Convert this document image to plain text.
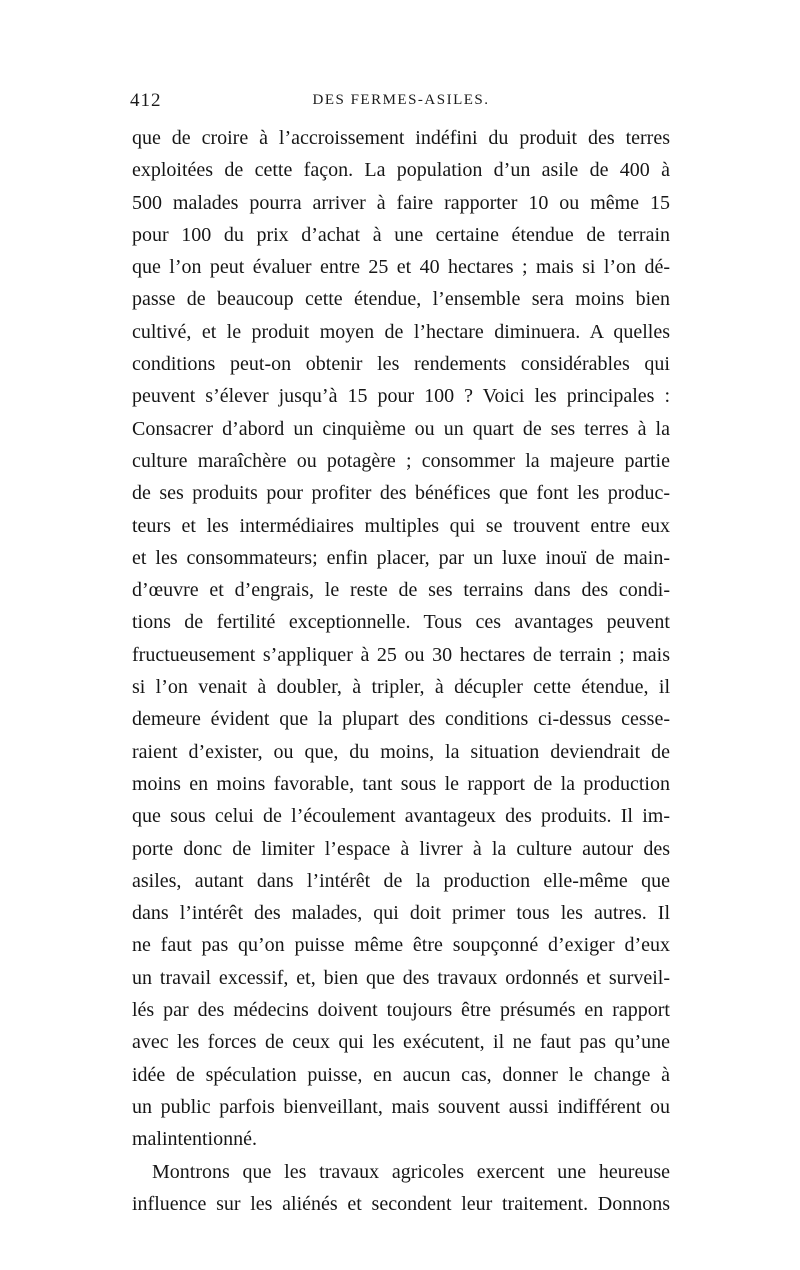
412	DES FERMES-ASILES.
que de croire à l’accroissement indéfini du produit des terres
exploitées de cette façon. La population d’un asile de 400 à
500 malades pourra arriver à faire rapporter 10 ou même 15
pour 100 du prix d’achat à une certaine étendue de terrain
que l’on peut évaluer entre 25 et 40 hectares ; mais si l’on dé-
passe de beaucoup cette étendue, l’ensemble sera moins bien
cultivé, et le produit moyen de l’hectare diminuera. A quelles
conditions peut-on obtenir les rendements considérables qui
peuvent s’élever jusqu’à 15 pour 100 ? Voici les principales :
Consacrer d’abord un cinquième ou un quart de ses terres à la
culture maraîchère ou potagère ; consommer la majeure partie
de ses produits pour profiter des bénéfices que font les produc-
teurs et les intermédiaires multiples qui se trouvent entre eux
et les consommateurs; enfin placer, par un luxe inouï de main-
d’œuvre et d’engrais, le reste de ses terrains dans des condi-
tions de fertilité exceptionnelle. Tous ces avantages peuvent
fructueusement s’appliquer à 25 ou 30 hectares de terrain ; mais
si l’on venait à doubler, à tripler, à décupler cette étendue, il
demeure évident que la plupart des conditions ci-dessus cesse-
raient d’exister, ou que, du moins, la situation deviendrait de
moins en moins favorable, tant sous le rapport de la production
que sous celui de l’écoulement avantageux des produits. Il im-
porte donc de limiter l’espace à livrer à la culture autour des
asiles, autant dans l’intérêt de la production elle-même que
dans l’intérêt des malades, qui doit primer tous les autres. Il
ne faut pas qu’on puisse même être soupçonné d’exiger d’eux
un travail excessif, et, bien que des travaux ordonnés et surveil-
lés par des médecins doivent toujours être présumés en rapport
avec les forces de ceux qui les exécutent, il ne faut pas qu’une
idée de spéculation puisse, en aucun cas, donner le change à
un public parfois bienveillant, mais souvent aussi indifférent ou
malintentionné.
Montrons que les travaux agricoles exercent une heureuse
influence sur les aliénés et secondent leur traitement. Donnons
